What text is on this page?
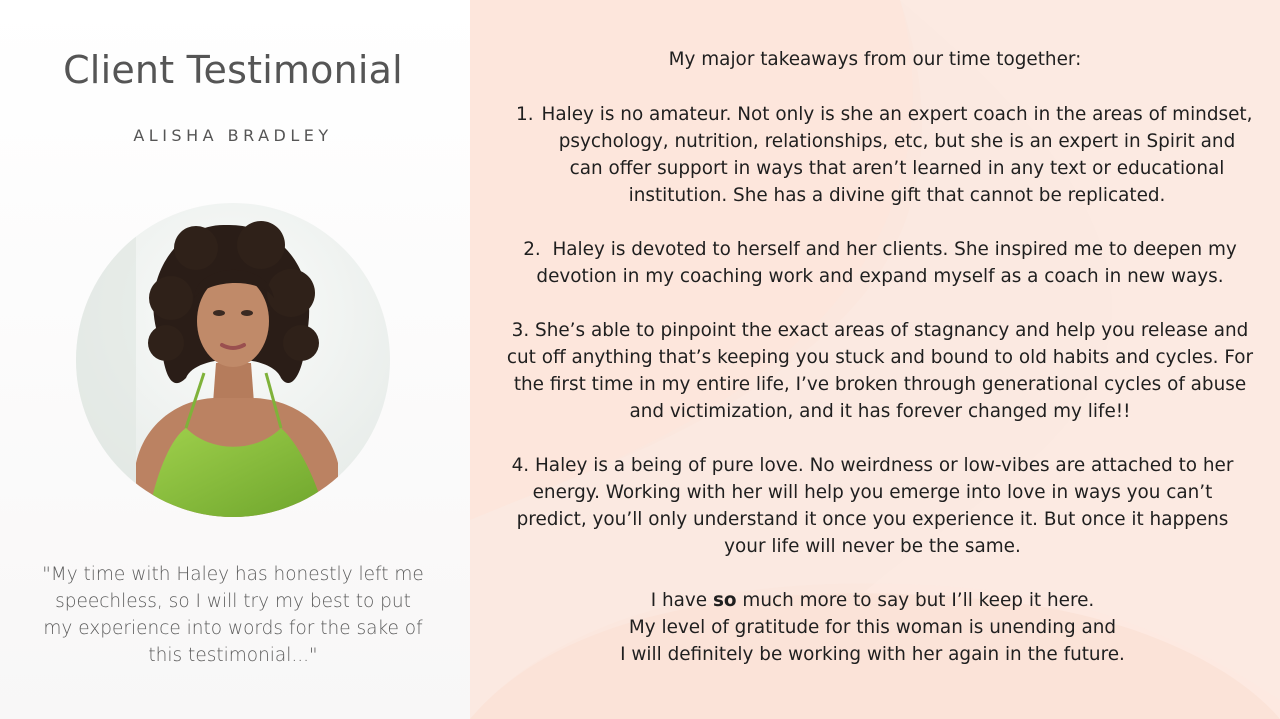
Client Testimonial
ALISHA BRADLEY
"My time with Haley has honestly left me speechless, so I will try my best to put my experience into words for the sake of this testimonial..."
My major takeaways from our time together:
1. Haley is no amateur. Not only is she an expert coach in the areas of mindset, psychology, nutrition, relationships, etc, but she is an expert in Spirit and can offer support in ways that aren’t learned in any text or educational institution. She has a divine gift that cannot be replicated.
2. Haley is devoted to herself and her clients. She inspired me to deepen my devotion in my coaching work and expand myself as a coach in new ways.
3. She’s able to pinpoint the exact areas of stagnancy and help you release and cut off anything that’s keeping you stuck and bound to old habits and cycles. For the first time in my entire life, I’ve broken through generational cycles of abuse and victimization, and it has forever changed my life!!
4. Haley is a being of pure love. No weirdness or low-vibes are attached to her energy. Working with her will help you emerge into love in ways you can’t predict, you’ll only understand it once you experience it. But once it happens your life will never be the same.
I have so much more to say but I’ll keep it here.
My level of gratitude for this woman is unending and
I will definitely be working with her again in the future.
